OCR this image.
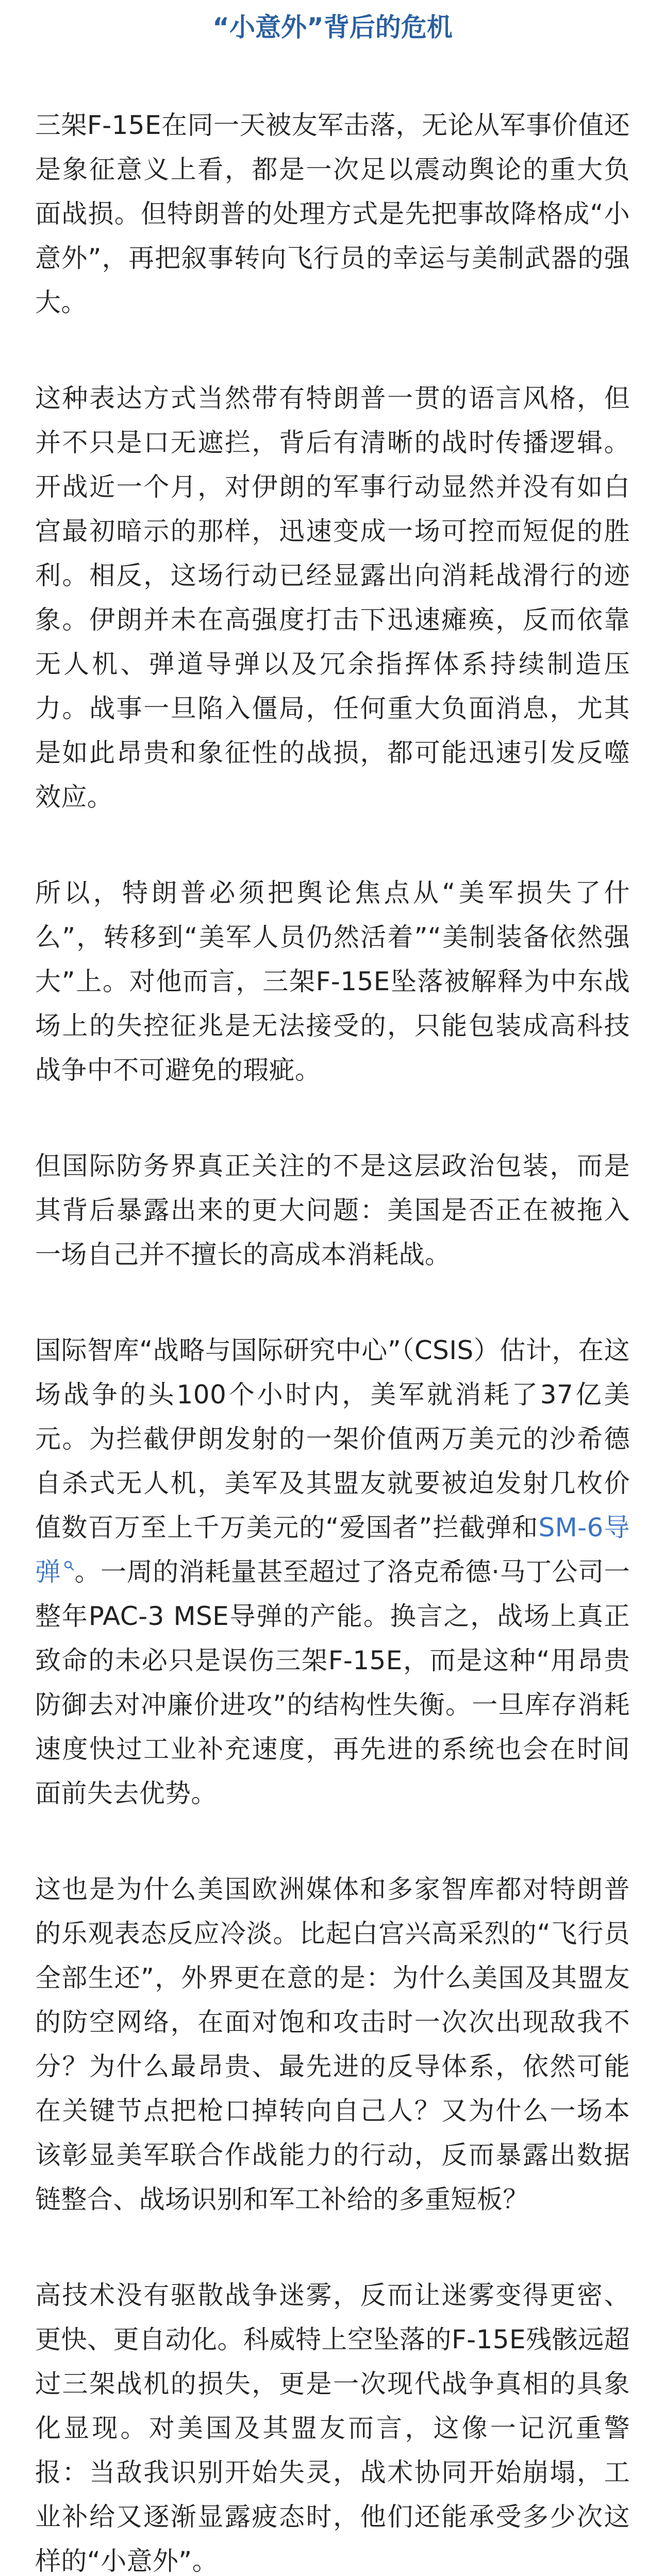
“小意外”背后的危机

三架F-15E在同一天被友军击落，无论从军事价值还是象征意义上看，都是一次足以震动舆论的重大负面战损。但特朗普的处理方式是先把事故降格成“小意外”，再把叙事转向飞行员的幸运与美制武器的强大。

这种表达方式当然带有特朗普一贯的语言风格，但并不只是口无遮拦，背后有清晰的战时传播逻辑。开战近一个月，对伊朗的军事行动显然并没有如白宫最初暗示的那样，迅速变成一场可控而短促的胜利。相反，这场行动已经显露出向消耗战滑行的迹象。伊朗并未在高强度打击下迅速瘫痪，反而依靠无人机、弹道导弹以及冗余指挥体系持续制造压力。战事一旦陷入僵局，任何重大负面消息，尤其是如此昂贵和象征性的战损，都可能迅速引发反噬效应。

所以，特朗普必须把舆论焦点从“美军损失了什么”，转移到“美军人员仍然活着”“美制装备依然强大”上。对他而言，三架F-15E坠落被解释为中东战场上的失控征兆是无法接受的，只能包装成高科技战争中不可避免的瑕疵。

但国际防务界真正关注的不是这层政治包装，而是其背后暴露出来的更大问题：美国是否正在被拖入一场自己并不擅长的高成本消耗战。

国际智库“战略与国际研究中心”（CSIS）估计，在这场战争的头100个小时内，美军就消耗了37亿美元。为拦截伊朗发射的一架价值两万美元的沙希德自杀式无人机，美军及其盟友就要被迫发射几枚价值数百万至上千万美元的“爱国者”拦截弹和SM-6导弹 。一周的消耗量甚至超过了洛克希德·马丁公司一整年PAC-3 MSE导弹的产能。换言之，战场上真正致命的未必只是误伤三架F-15E，而是这种“用昂贵防御去对冲廉价进攻”的结构性失衡。一旦库存消耗速度快过工业补充速度，再先进的系统也会在时间面前失去优势。

这也是为什么美国欧洲媒体和多家智库都对特朗普的乐观表态反应冷淡。比起白宫兴高采烈的“飞行员全部生还”，外界更在意的是：为什么美国及其盟友的防空网络，在面对饱和攻击时一次次出现敌我不分？为什么最昂贵、最先进的反导体系，依然可能在关键节点把枪口掉转向自己人？又为什么一场本该彰显美军联合作战能力的行动，反而暴露出数据链整合、战场识别和军工补给的多重短板？

高技术没有驱散战争迷雾，反而让迷雾变得更密、更快、更自动化。科威特上空坠落的F-15E残骸远超过三架战机的损失，更是一次现代战争真相的具象化显现。对美国及其盟友而言，这像一记沉重警报：当敌我识别开始失灵，战术协同开始崩塌，工业补给又逐渐显露疲态时，他们还能承受多少次这样的“小意外”。
